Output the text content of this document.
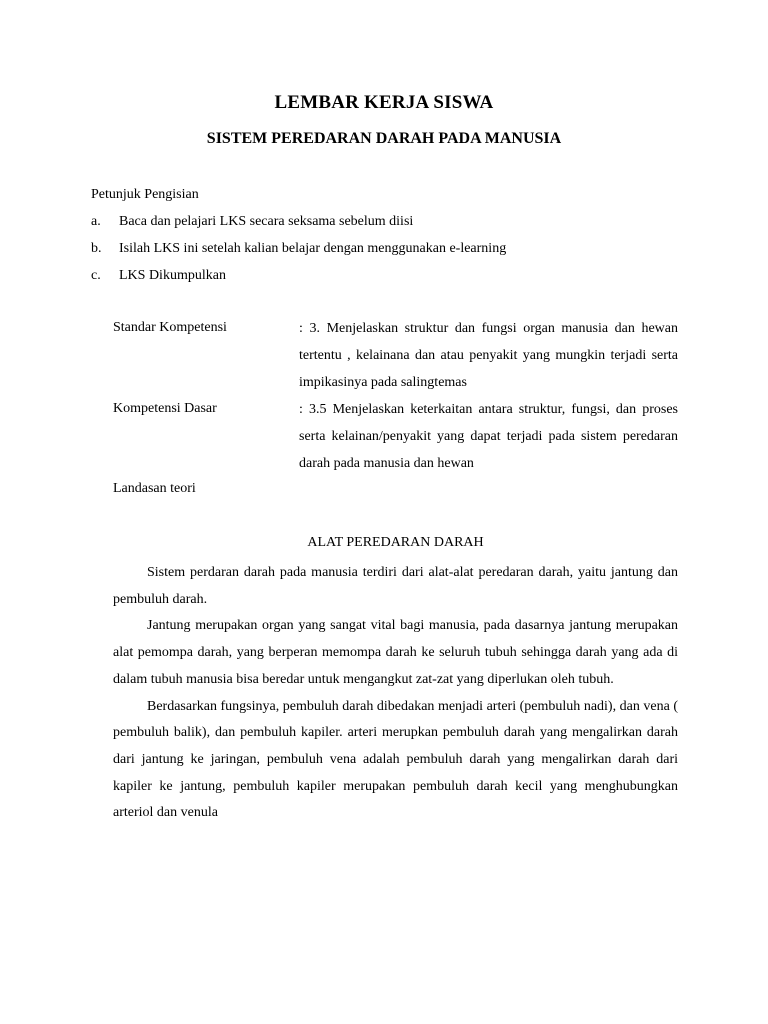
LEMBAR KERJA SISWA
SISTEM PEREDARAN DARAH PADA MANUSIA
Petunjuk Pengisian
a.	Baca dan pelajari LKS secara seksama sebelum diisi
b.	Isilah LKS ini setelah kalian belajar dengan menggunakan e-learning
c.	LKS Dikumpulkan
Standar Kompetensi	: 3. Menjelaskan struktur dan fungsi organ manusia dan hewan tertentu , kelainana dan atau penyakit yang mungkin terjadi serta impikasinya pada salingtemas
Kompetensi Dasar	: 3.5 Menjelaskan keterkaitan antara struktur, fungsi, dan proses serta kelainan/penyakit yang dapat terjadi pada sistem peredaran darah pada manusia dan hewan
Landasan teori
ALAT PEREDARAN DARAH

Sistem perdaran darah pada manusia terdiri dari alat-alat peredaran darah, yaitu jantung dan pembuluh darah.

Jantung merupakan organ yang sangat vital bagi manusia, pada dasarnya jantung merupakan alat pemompa darah, yang berperan memompa darah ke seluruh tubuh sehingga darah yang ada di dalam tubuh manusia bisa beredar untuk mengangkut zat-zat yang diperlukan oleh tubuh.

Berdasarkan fungsinya, pembuluh darah dibedakan menjadi arteri (pembuluh nadi), dan vena ( pembuluh balik), dan pembuluh kapiler. arteri merupkan pembuluh darah yang mengalirkan darah dari jantung ke jaringan, pembuluh vena adalah pembuluh darah yang mengalirkan darah dari kapiler ke jantung, pembuluh kapiler merupakan pembuluh darah kecil yang menghubungkan arteriol dan venula
